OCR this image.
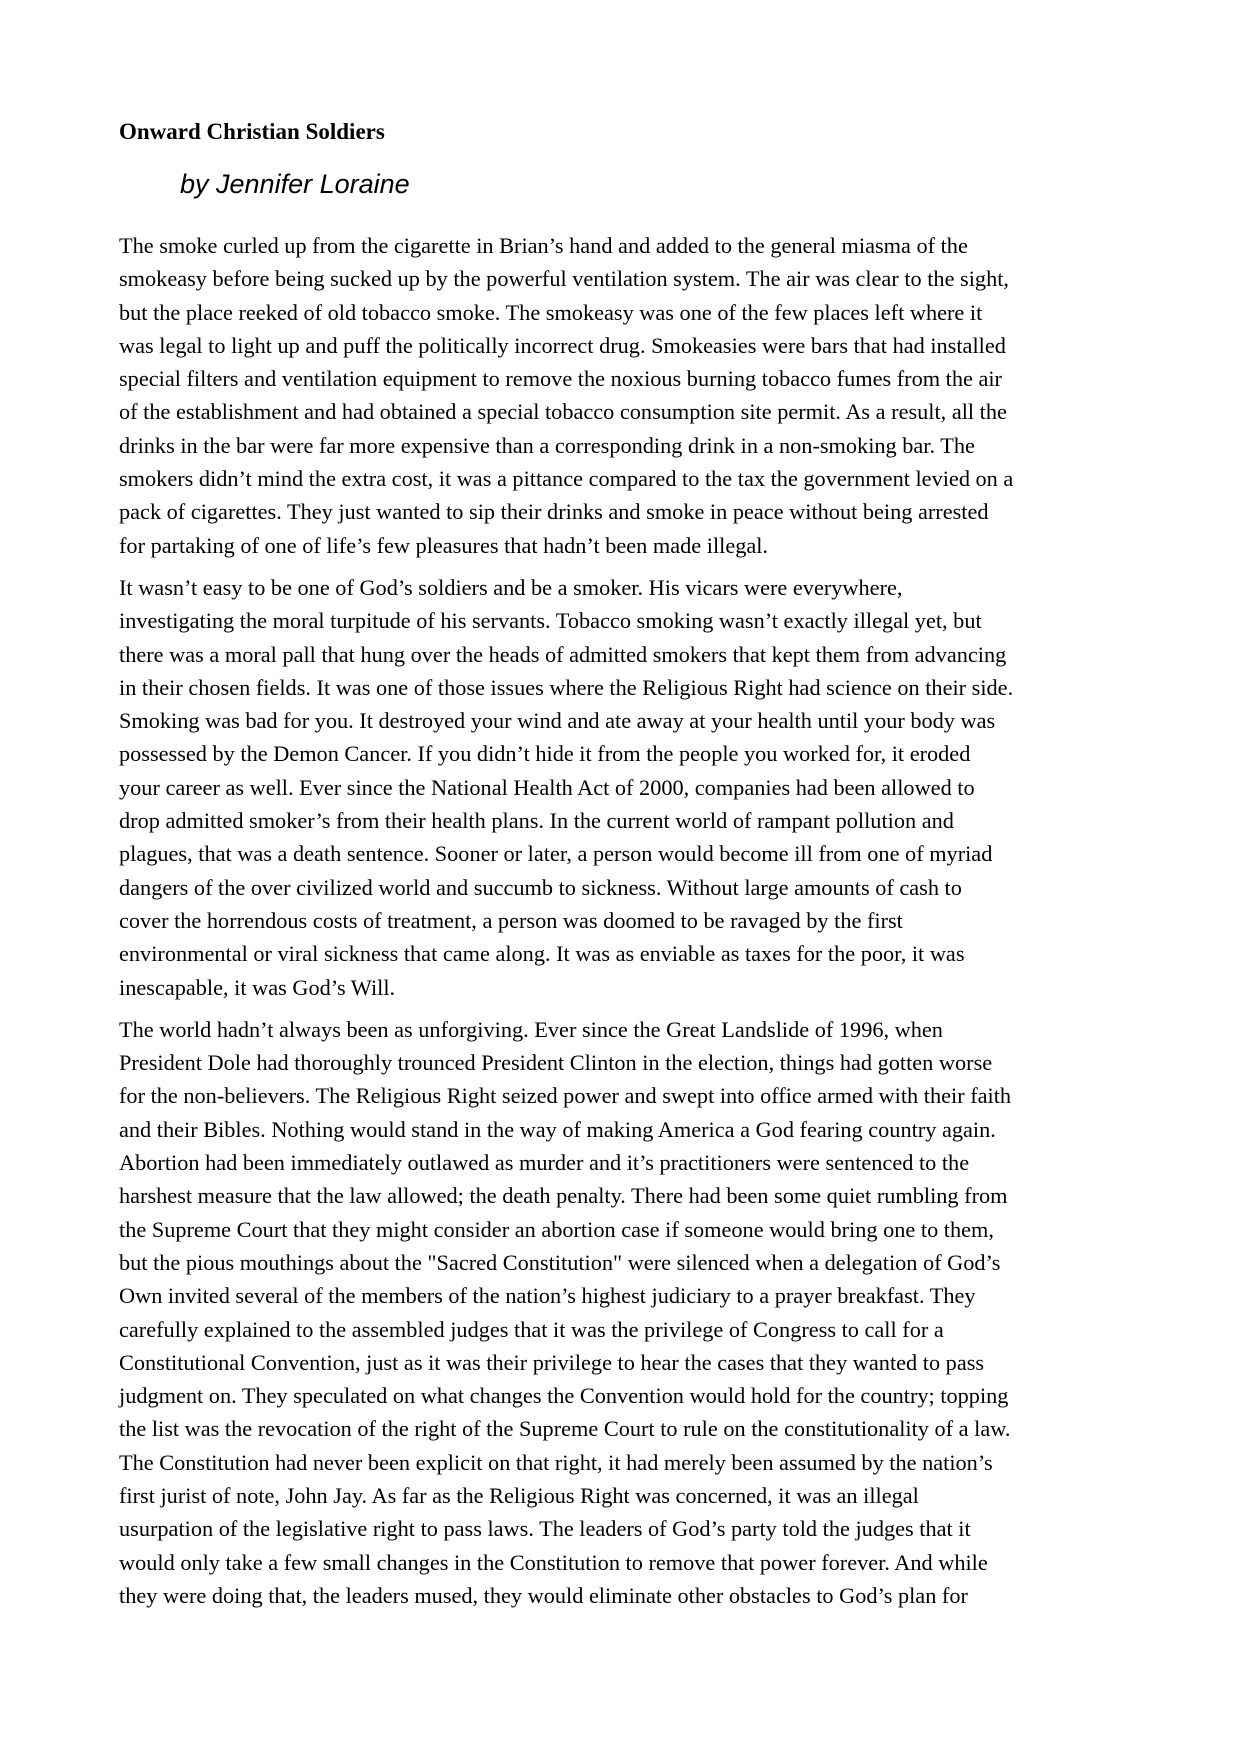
Onward Christian Soldiers
by Jennifer Loraine

The smoke curled up from the cigarette in Brian’s hand and added to the general miasma of the
smokeasy before being sucked up by the powerful ventilation system. The air was clear to the sight,
but the place reeked of old tobacco smoke. The smokeasy was one of the few places left where it
was legal to light up and puff the politically incorrect drug. Smokeasies were bars that had installed
special filters and ventilation equipment to remove the noxious burning tobacco fumes from the air
of the establishment and had obtained a special tobacco consumption site permit. As a result, all the
drinks in the bar were far more expensive than a corresponding drink in a non-smoking bar. The
smokers didn’t mind the extra cost, it was a pittance compared to the tax the government levied on a
pack of cigarettes. They just wanted to sip their drinks and smoke in peace without being arrested
for partaking of one of life’s few pleasures that hadn’t been made illegal.

It wasn’t easy to be one of God’s soldiers and be a smoker. His vicars were everywhere,
investigating the moral turpitude of his servants. Tobacco smoking wasn’t exactly illegal yet, but
there was a moral pall that hung over the heads of admitted smokers that kept them from advancing
in their chosen fields. It was one of those issues where the Religious Right had science on their side.
Smoking was bad for you. It destroyed your wind and ate away at your health until your body was
possessed by the Demon Cancer. If you didn’t hide it from the people you worked for, it eroded
your career as well. Ever since the National Health Act of 2000, companies had been allowed to
drop admitted smoker’s from their health plans. In the current world of rampant pollution and
plagues, that was a death sentence. Sooner or later, a person would become ill from one of myriad
dangers of the over civilized world and succumb to sickness. Without large amounts of cash to
cover the horrendous costs of treatment, a person was doomed to be ravaged by the first
environmental or viral sickness that came along. It was as enviable as taxes for the poor, it was
inescapable, it was God’s Will.

The world hadn’t always been as unforgiving. Ever since the Great Landslide of 1996, when
President Dole had thoroughly trounced President Clinton in the election, things had gotten worse
for the non-believers. The Religious Right seized power and swept into office armed with their faith
and their Bibles. Nothing would stand in the way of making America a God fearing country again.
Abortion had been immediately outlawed as murder and it’s practitioners were sentenced to the
harshest measure that the law allowed; the death penalty. There had been some quiet rumbling from
the Supreme Court that they might consider an abortion case if someone would bring one to them,
but the pious mouthings about the "Sacred Constitution" were silenced when a delegation of God’s
Own invited several of the members of the nation’s highest judiciary to a prayer breakfast. They
carefully explained to the assembled judges that it was the privilege of Congress to call for a
Constitutional Convention, just as it was their privilege to hear the cases that they wanted to pass
judgment on. They speculated on what changes the Convention would hold for the country; topping
the list was the revocation of the right of the Supreme Court to rule on the constitutionality of a law.
The Constitution had never been explicit on that right, it had merely been assumed by the nation’s
first jurist of note, John Jay. As far as the Religious Right was concerned, it was an illegal
usurpation of the legislative right to pass laws. The leaders of God’s party told the judges that it
would only take a few small changes in the Constitution to remove that power forever. And while
they were doing that, the leaders mused, they would eliminate other obstacles to God’s plan for
